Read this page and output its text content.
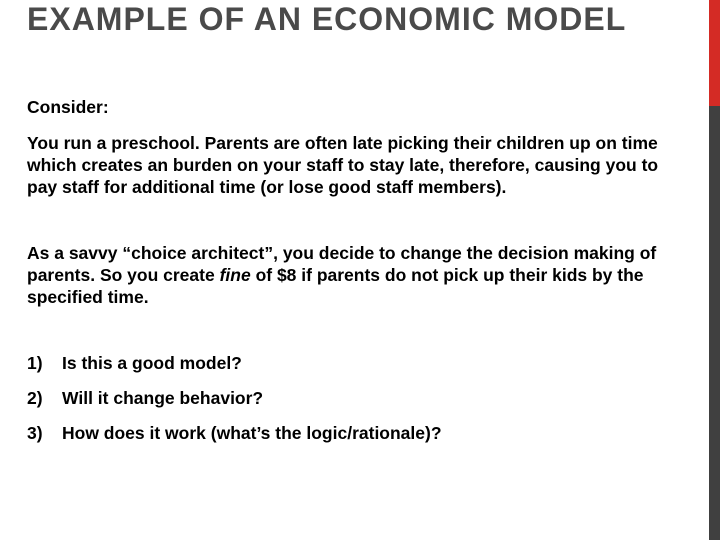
EXAMPLE OF AN ECONOMIC MODEL

Consider:

You run a preschool. Parents are often late picking their children up on time which creates an burden on your staff to stay late, therefore, causing you to pay staff for additional time (or lose good staff members).

As a savvy “choice architect”, you decide to change the decision making of parents. So you create fine of $8 if parents do not pick up their kids by the specified time.

1)	Is this a good model?
2)	Will it change behavior?
3)	How does it work (what’s the logic/rationale)?
